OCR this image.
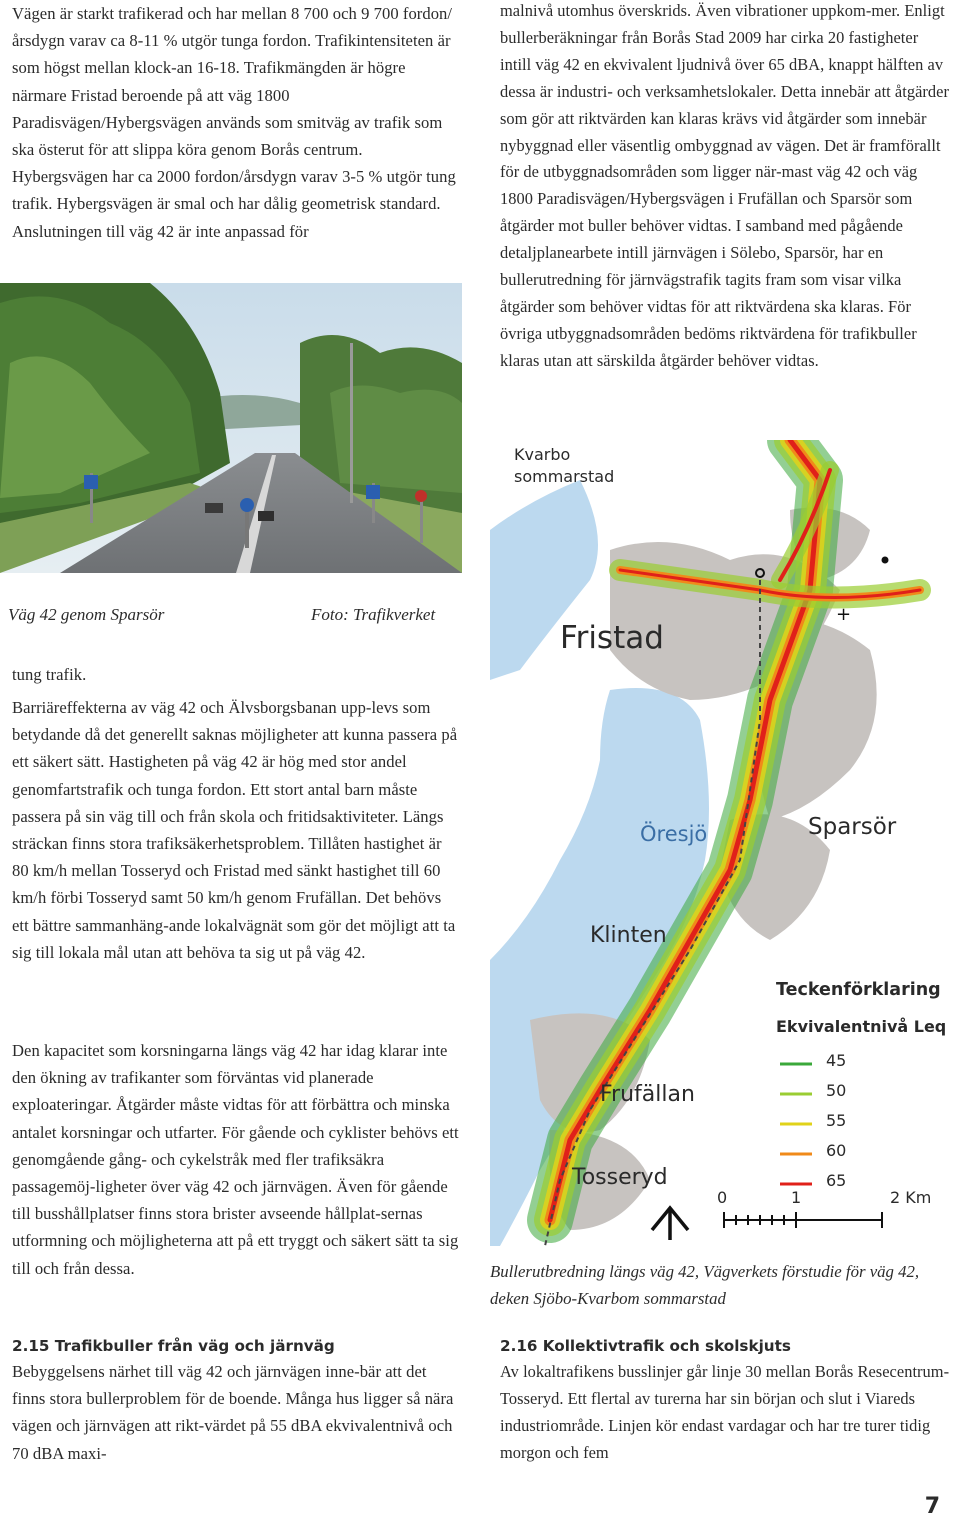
Vägen är starkt trafikerad och har mellan 8 700 och 9 700 fordon/årsdygn varav ca 8-11 % utgör tunga fordon. Trafikintensiteten är som högst mellan klock-an 16-18. Trafikmängden är högre närmare Fristad beroende på att väg 1800 Paradisvägen/Hybergsvägen används som smitväg av trafik som ska österut för att slippa köra genom Borås centrum. Hybergsvägen har ca 2000 fordon/årsdygn varav 3-5 % utgör tung trafik. Hybergsvägen är smal och har dålig geometrisk standard. Anslutningen till väg 42 är inte anpassad för

Väg 42 genom Sparsör	Foto: Trafikverket

tung trafik.

Barriäreffekterna av väg 42 och Älvsborgsbanan upp-levs som betydande då det generellt saknas möjligheter att kunna passera på ett säkert sätt. Hastigheten på väg 42 är hög med stor andel genomfartstrafik och tunga fordon. Ett stort antal barn måste passera på sin väg till och från skola och fritidsaktiviteter. Längs sträckan finns stora trafiksäkerhetsproblem. Tillåten hastighet är 80 km/h mellan Tosseryd och Fristad med sänkt hastighet till 60 km/h förbi Tosseryd samt 50 km/h genom Frufällan. Det behövs ett bättre sammanhäng-ande lokalvägnät som gör det möjligt att ta sig till lokala mål utan att behöva ta sig ut på väg 42.

Den kapacitet som korsningarna längs väg 42 har idag klarar inte den ökning av trafikanter som förväntas vid planerade exploateringar. Åtgärder måste vidtas för att förbättra och minska antalet korsningar och utfarter. För gående och cyklister behövs ett genomgående gång- och cykelstråk med fler trafiksäkra passagemöj-ligheter över väg 42 och järnvägen. Även för gående till busshållplatser finns stora brister avseende hållplat-sernas utformning och möjligheterna att på ett tryggt och säkert sätt ta sig till och från dessa.

2.15 Trafikbuller från väg och järnväg

Bebyggelsens närhet till väg 42 och järnvägen inne-bär att det finns stora bullerproblem för de boende. Många hus ligger så nära vägen och järnvägen att rikt-värdet på 55 dBA ekvivalentnivå och 70 dBA maxi-

malnivå utomhus överskrids. Även vibrationer uppkom-mer. Enligt bullerberäkningar från Borås Stad 2009 har cirka 20 fastigheter intill väg 42 en ekvivalent ljudnivå över 65 dBA, knappt hälften av dessa är industri- och verksamhetslokaler. Detta innebär att åtgärder som gör att riktvärden kan klaras krävs vid åtgärder som innebär nybyggnad eller väsentlig ombyggnad av vägen. Det är framförallt för de utbyggnadsområden som ligger när-mast väg 42 och väg 1800 Paradisvägen/Hybergsvägen i Frufällan och Sparsör som åtgärder mot buller behöver vidtas. I samband med pågående detaljplanearbete intill järnvägen i Sölebo, Sparsör, har en bullerutredning för järnvägstrafik tagits fram som visar vilka åtgärder som behöver vidtas för att riktvärdena ska klaras. För övriga utbyggnadsområden bedöms riktvärdena för trafikbuller klaras utan att särskilda åtgärder behöver vidtas.

+
Kvarbo sommarstad
Fristad
Öresjö	Sparsör
Klinten
Frufällan
Tosseryd
Teckenförklaring
Ekvivalentnivå Leq
45
50
55
60
65
0	1	2 Km

Bullerutbredning längs väg 42, Vägverkets förstudie för väg 42, deken Sjöbo-Kvarbom sommarstad

2.16 Kollektivtrafik och skolskjuts

Av lokaltrafikens busslinjer går linje 30 mellan Borås Resecentrum-Tosseryd. Ett flertal av turerna har sin början och slut i Viareds industriområde. Linjen kör endast vardagar och har tre turer tidig morgon och fem

7
